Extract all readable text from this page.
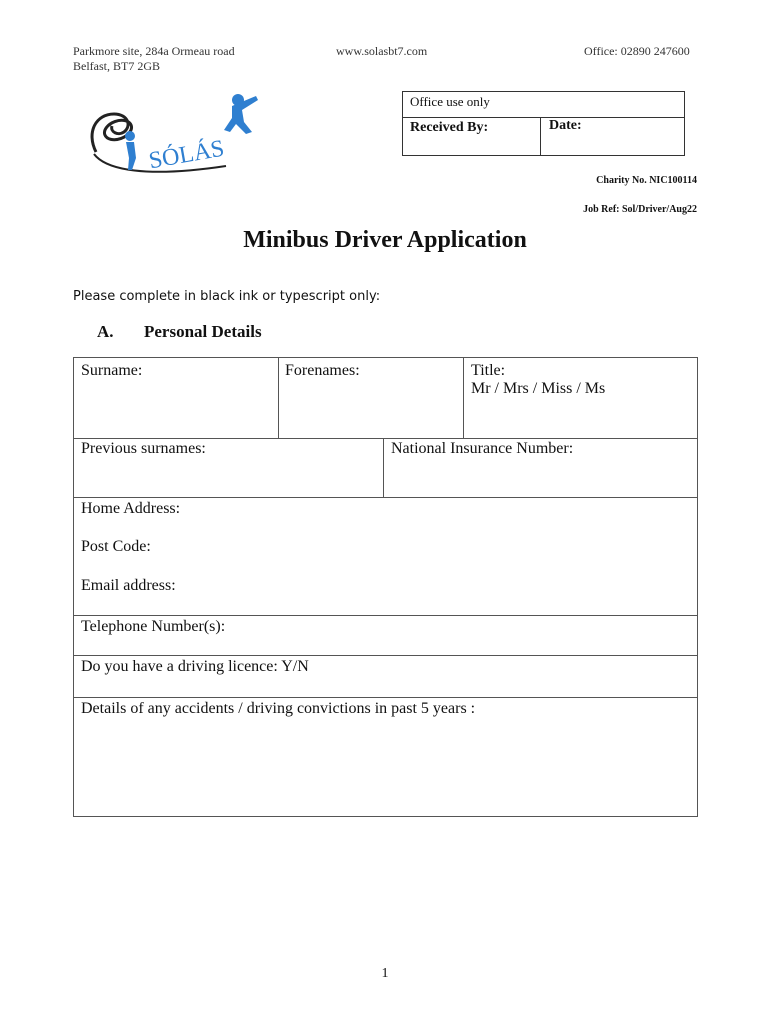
Parkmore site, 284a Ormeau road
Belfast, BT7 2GB
www.solasbt7.com	Office: 02890 247600
SÓLÁS
Office use only
Received By:	Date:
Charity No. NIC100114
Job Ref: Sol/Driver/Aug22
Minibus Driver Application
Please complete in black ink or typescript only:
A. Personal Details
Surname:	Forenames:	Title:
Mr / Mrs / Miss / Ms
Previous surnames:	National Insurance Number:
Home Address:
Post Code:
Email address:
Telephone Number(s):
Do you have a driving licence: Y/N
Details of any accidents / driving convictions in past 5 years :
1
